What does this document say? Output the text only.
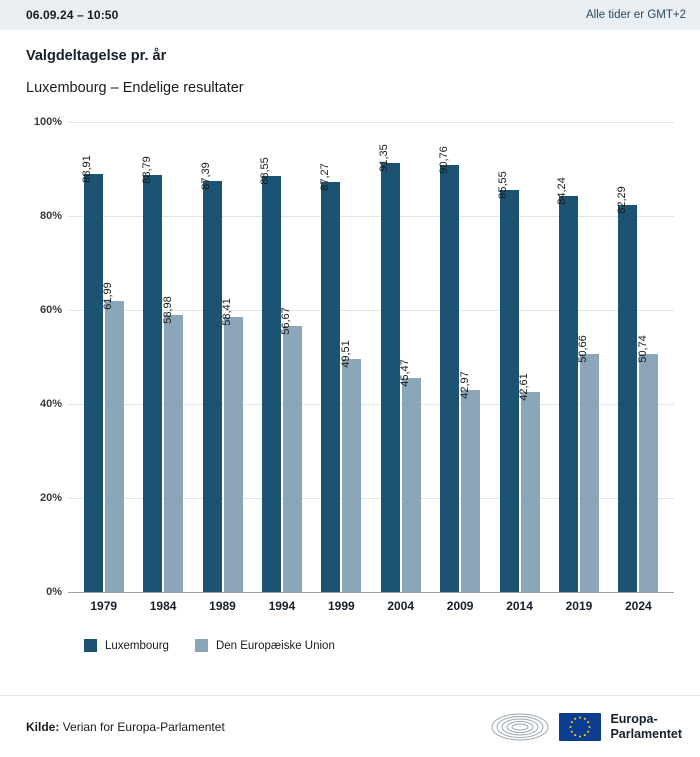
06.09.24 – 10:50	Alle tider er GMT+2
Valgdeltagelse pr. år
Luxembourg – Endelige resultater
0%
20%
40%
60%
80%
100%
88,91
61,99
88,79
58,98
87,39
58,41
88,55
56,67
87,27
49,51
91,35
45,47
90,76
42,97
85,55
42,61
84,24
50,66
82,29
50,74
1979	1984	1989	1994	1999	2004	2009	2014	2019	2024
Luxembourg	Den Europæiske Union
Kilde: Verian for Europa-Parlamentet
Europa-
Parlamentet
